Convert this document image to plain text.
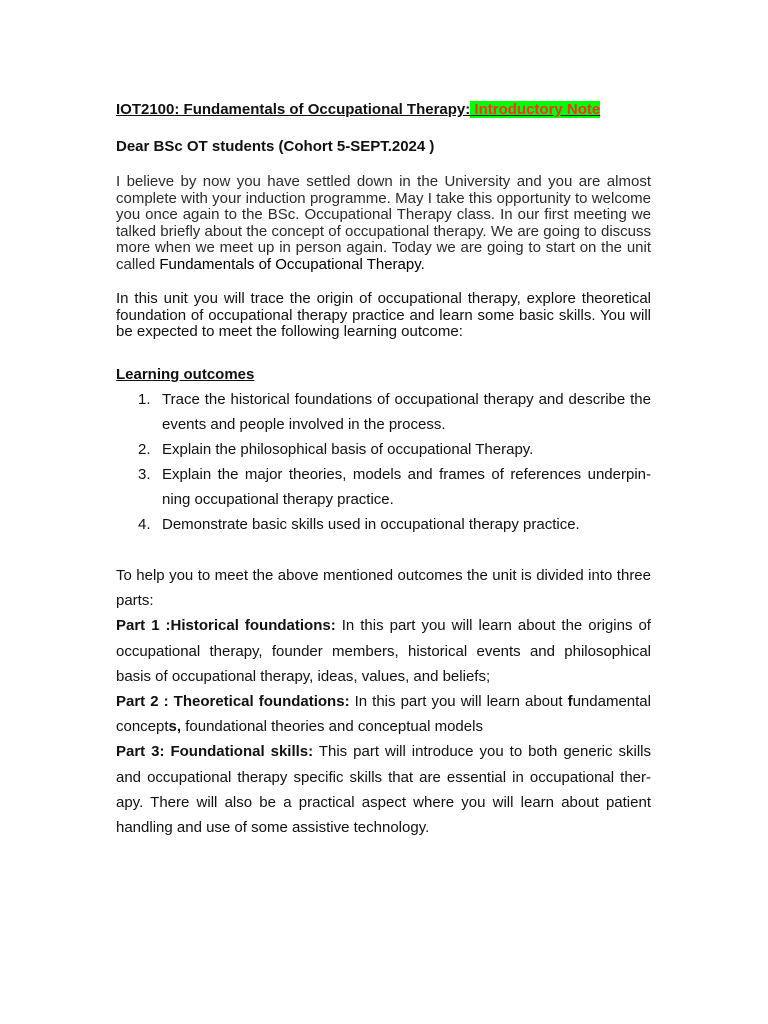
IOT2100: Fundamentals of Occupational Therapy: Introductory Note
Dear BSc OT students (Cohort 5-SEPT.2024 )
I believe by now you have settled down in the University and you are almost complete with your induction programme. May I take this opportunity to welcome you once again to the BSc. Occupational Therapy class. In our first meeting we talked briefly about the concept of occupational therapy. We are going to discuss more when we meet up in person again. Today we are going to start on the unit called Fundamentals of Occupational Therapy.
In this unit you will trace the origin of occupational therapy, explore theoretical foundation of occupational therapy practice and learn some basic skills. You will be expected to meet the following learning outcome:
Learning outcomes
1. Trace the historical foundations of occupational therapy and describe the events and people involved in the process.
2. Explain the philosophical basis of occupational Therapy.
3. Explain the major theories, models and frames of references underpin-ning occupational therapy practice.
4. Demonstrate basic skills used in occupational therapy practice.

To help you to meet the above mentioned outcomes the unit is divided into three parts:

Part 1 :Historical foundations: In this part you will learn about the origins of occupational therapy, founder members, historical events and philosophical basis of occupational therapy, ideas, values, and beliefs;

Part 2 : Theoretical foundations: In this part you will learn about fundamental concepts, foundational theories and conceptual models

Part 3: Foundational skills: This part will introduce you to both generic skills and occupational therapy specific skills that are essential in occupational ther-apy. There will also be a practical aspect where you will learn about patient handling and use of some assistive technology.
